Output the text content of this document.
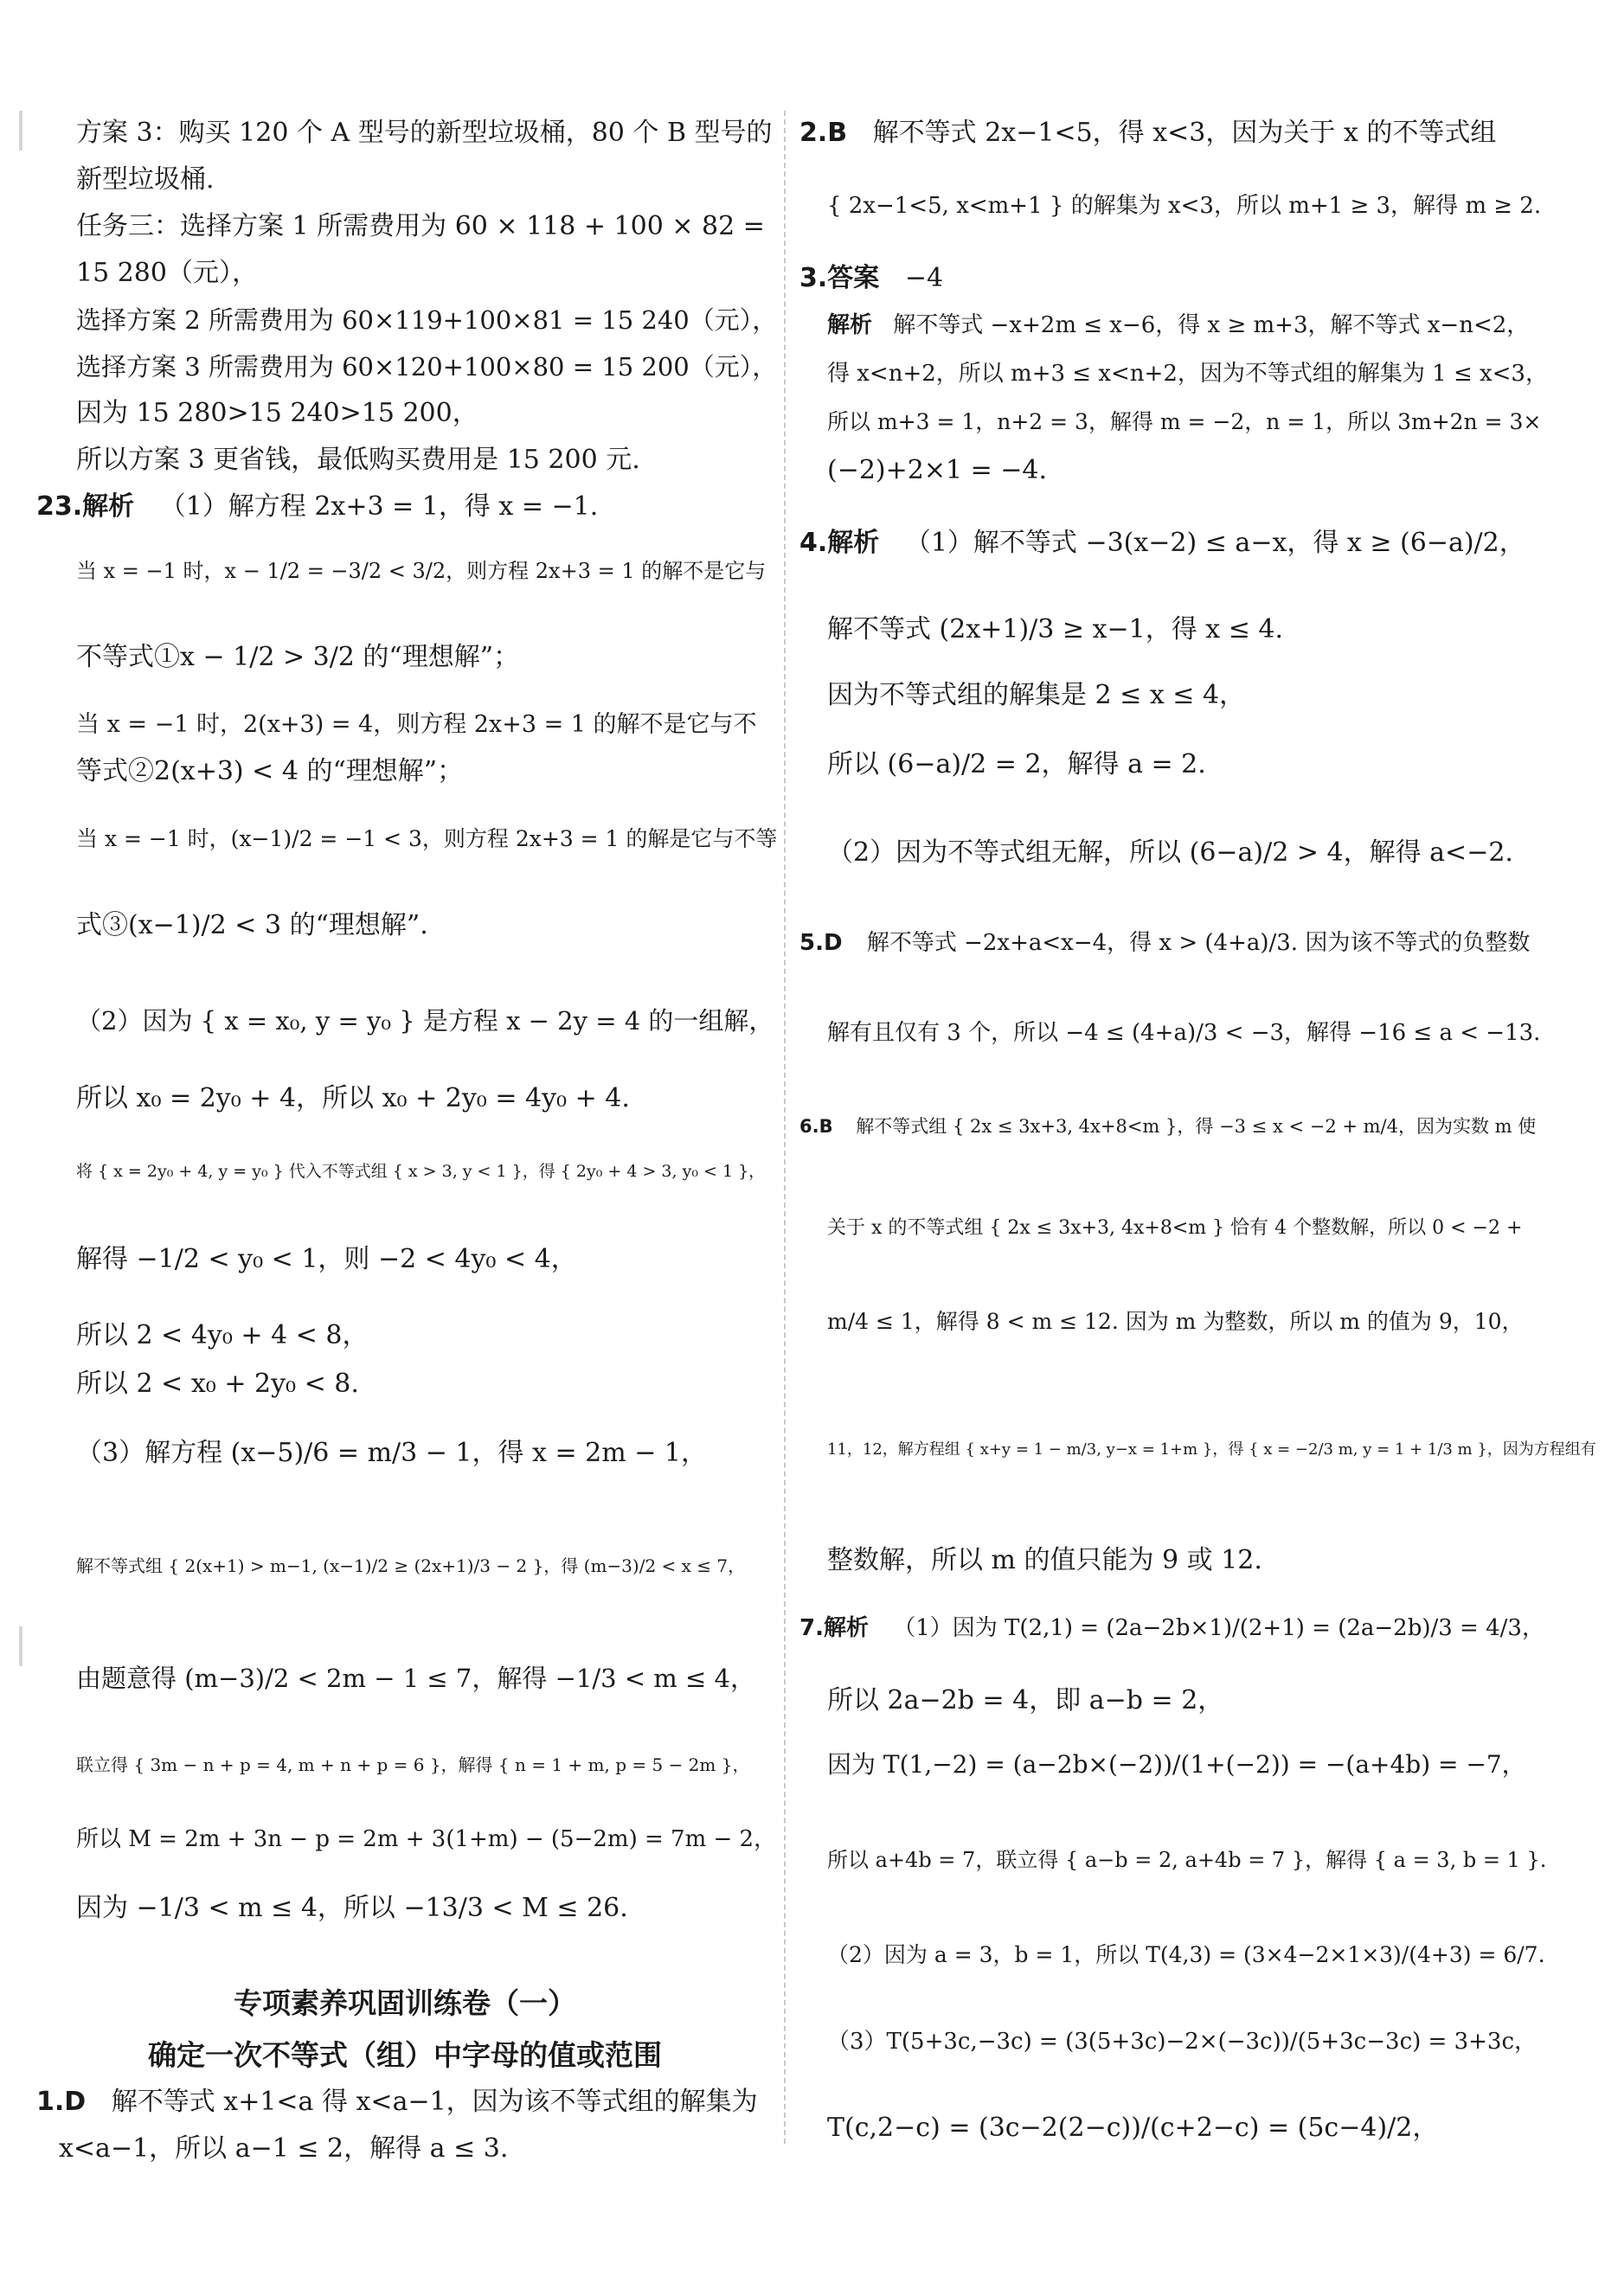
方案 3：购买 120 个 A 型号的新型垃圾桶，80 个 B 型号的
新型垃圾桶.
任务三：选择方案 1 所需费用为 60 × 118 + 100 × 82 =
15 280（元），
选择方案 2 所需费用为 60×119+100×81 = 15 240（元），
选择方案 3 所需费用为 60×120+100×80 = 15 200（元），
因为 15 280>15 240>15 200，
所以方案 3 更省钱，最低购买费用是 15 200 元.
23.解析 （1）解方程 2x+3 = 1，得 x = −1.
当 x = −1 时，x − 1/2 = −3/2 < 3/2，则方程 2x+3 = 1 的解不是它与
不等式①x − 1/2 > 3/2 的“理想解”；
当 x = −1 时，2(x+3) = 4，则方程 2x+3 = 1 的解不是它与不
等式②2(x+3) < 4 的“理想解”；
当 x = −1 时，(x−1)/2 = −1 < 3，则方程 2x+3 = 1 的解是它与不等
式③(x−1)/2 < 3 的“理想解”.
（2）因为 { x = x₀, y = y₀ } 是方程 x − 2y = 4 的一组解，
所以 x₀ = 2y₀ + 4，所以 x₀ + 2y₀ = 4y₀ + 4.
将 { x = 2y₀ + 4, y = y₀ } 代入不等式组 { x > 3, y < 1 }，得 { 2y₀ + 4 > 3, y₀ < 1 }，
解得 −1/2 < y₀ < 1，则 −2 < 4y₀ < 4，
所以 2 < 4y₀ + 4 < 8，
所以 2 < x₀ + 2y₀ < 8.
（3）解方程 (x−5)/6 = m/3 − 1，得 x = 2m − 1，
解不等式组 { 2(x+1) > m−1, (x−1)/2 ≥ (2x+1)/3 − 2 }，得 (m−3)/2 < x ≤ 7，
由题意得 (m−3)/2 < 2m − 1 ≤ 7，解得 −1/3 < m ≤ 4，
联立得 { 3m − n + p = 4, m + n + p = 6 }，解得 { n = 1 + m, p = 5 − 2m }，
所以 M = 2m + 3n − p = 2m + 3(1+m) − (5−2m) = 7m − 2，
因为 −1/3 < m ≤ 4，所以 −13/3 < M ≤ 26.
专项素养巩固训练卷（一）
确定一次不等式（组）中字母的值或范围
1.D 解不等式 x+1<a 得 x<a−1，因为该不等式组的解集为
x<a−1，所以 a−1 ≤ 2，解得 a ≤ 3.
2.B 解不等式 2x−1<5，得 x<3，因为关于 x 的不等式组
{ 2x−1<5, x<m+1 } 的解集为 x<3，所以 m+1 ≥ 3，解得 m ≥ 2.
3.答案 −4
解析 解不等式 −x+2m ≤ x−6，得 x ≥ m+3，解不等式 x−n<2，
得 x<n+2，所以 m+3 ≤ x<n+2，因为不等式组的解集为 1 ≤ x<3，
所以 m+3 = 1，n+2 = 3，解得 m = −2，n = 1，所以 3m+2n = 3×
(−2)+2×1 = −4.
4.解析 （1）解不等式 −3(x−2) ≤ a−x，得 x ≥ (6−a)/2，
解不等式 (2x+1)/3 ≥ x−1，得 x ≤ 4.
因为不等式组的解集是 2 ≤ x ≤ 4，
所以 (6−a)/2 = 2，解得 a = 2.
（2）因为不等式组无解，所以 (6−a)/2 > 4，解得 a<−2.
5.D 解不等式 −2x+a<x−4，得 x > (4+a)/3. 因为该不等式的负整数
解有且仅有 3 个，所以 −4 ≤ (4+a)/3 < −3，解得 −16 ≤ a < −13.
6.B 解不等式组 { 2x ≤ 3x+3, 4x+8<m }，得 −3 ≤ x < −2 + m/4，因为实数 m 使
关于 x 的不等式组 { 2x ≤ 3x+3, 4x+8<m } 恰有 4 个整数解，所以 0 < −2 +
m/4 ≤ 1，解得 8 < m ≤ 12. 因为 m 为整数，所以 m 的值为 9，10，
11，12，解方程组 { x+y = 1 − m/3, y−x = 1+m }，得 { x = −2/3 m, y = 1 + 1/3 m }，因为方程组有
整数解，所以 m 的值只能为 9 或 12.
7.解析 （1）因为 T(2,1) = (2a−2b×1)/(2+1) = (2a−2b)/3 = 4/3，
所以 2a−2b = 4，即 a−b = 2，
因为 T(1,−2) = (a−2b×(−2))/(1+(−2)) = −(a+4b) = −7，
所以 a+4b = 7，联立得 { a−b = 2, a+4b = 7 }，解得 { a = 3, b = 1 }.
（2）因为 a = 3，b = 1，所以 T(4,3) = (3×4−2×1×3)/(4+3) = 6/7.
（3）T(5+3c,−3c) = (3(5+3c)−2×(−3c))/(5+3c−3c) = 3+3c，
T(c,2−c) = (3c−2(2−c))/(c+2−c) = (5c−4)/2，
